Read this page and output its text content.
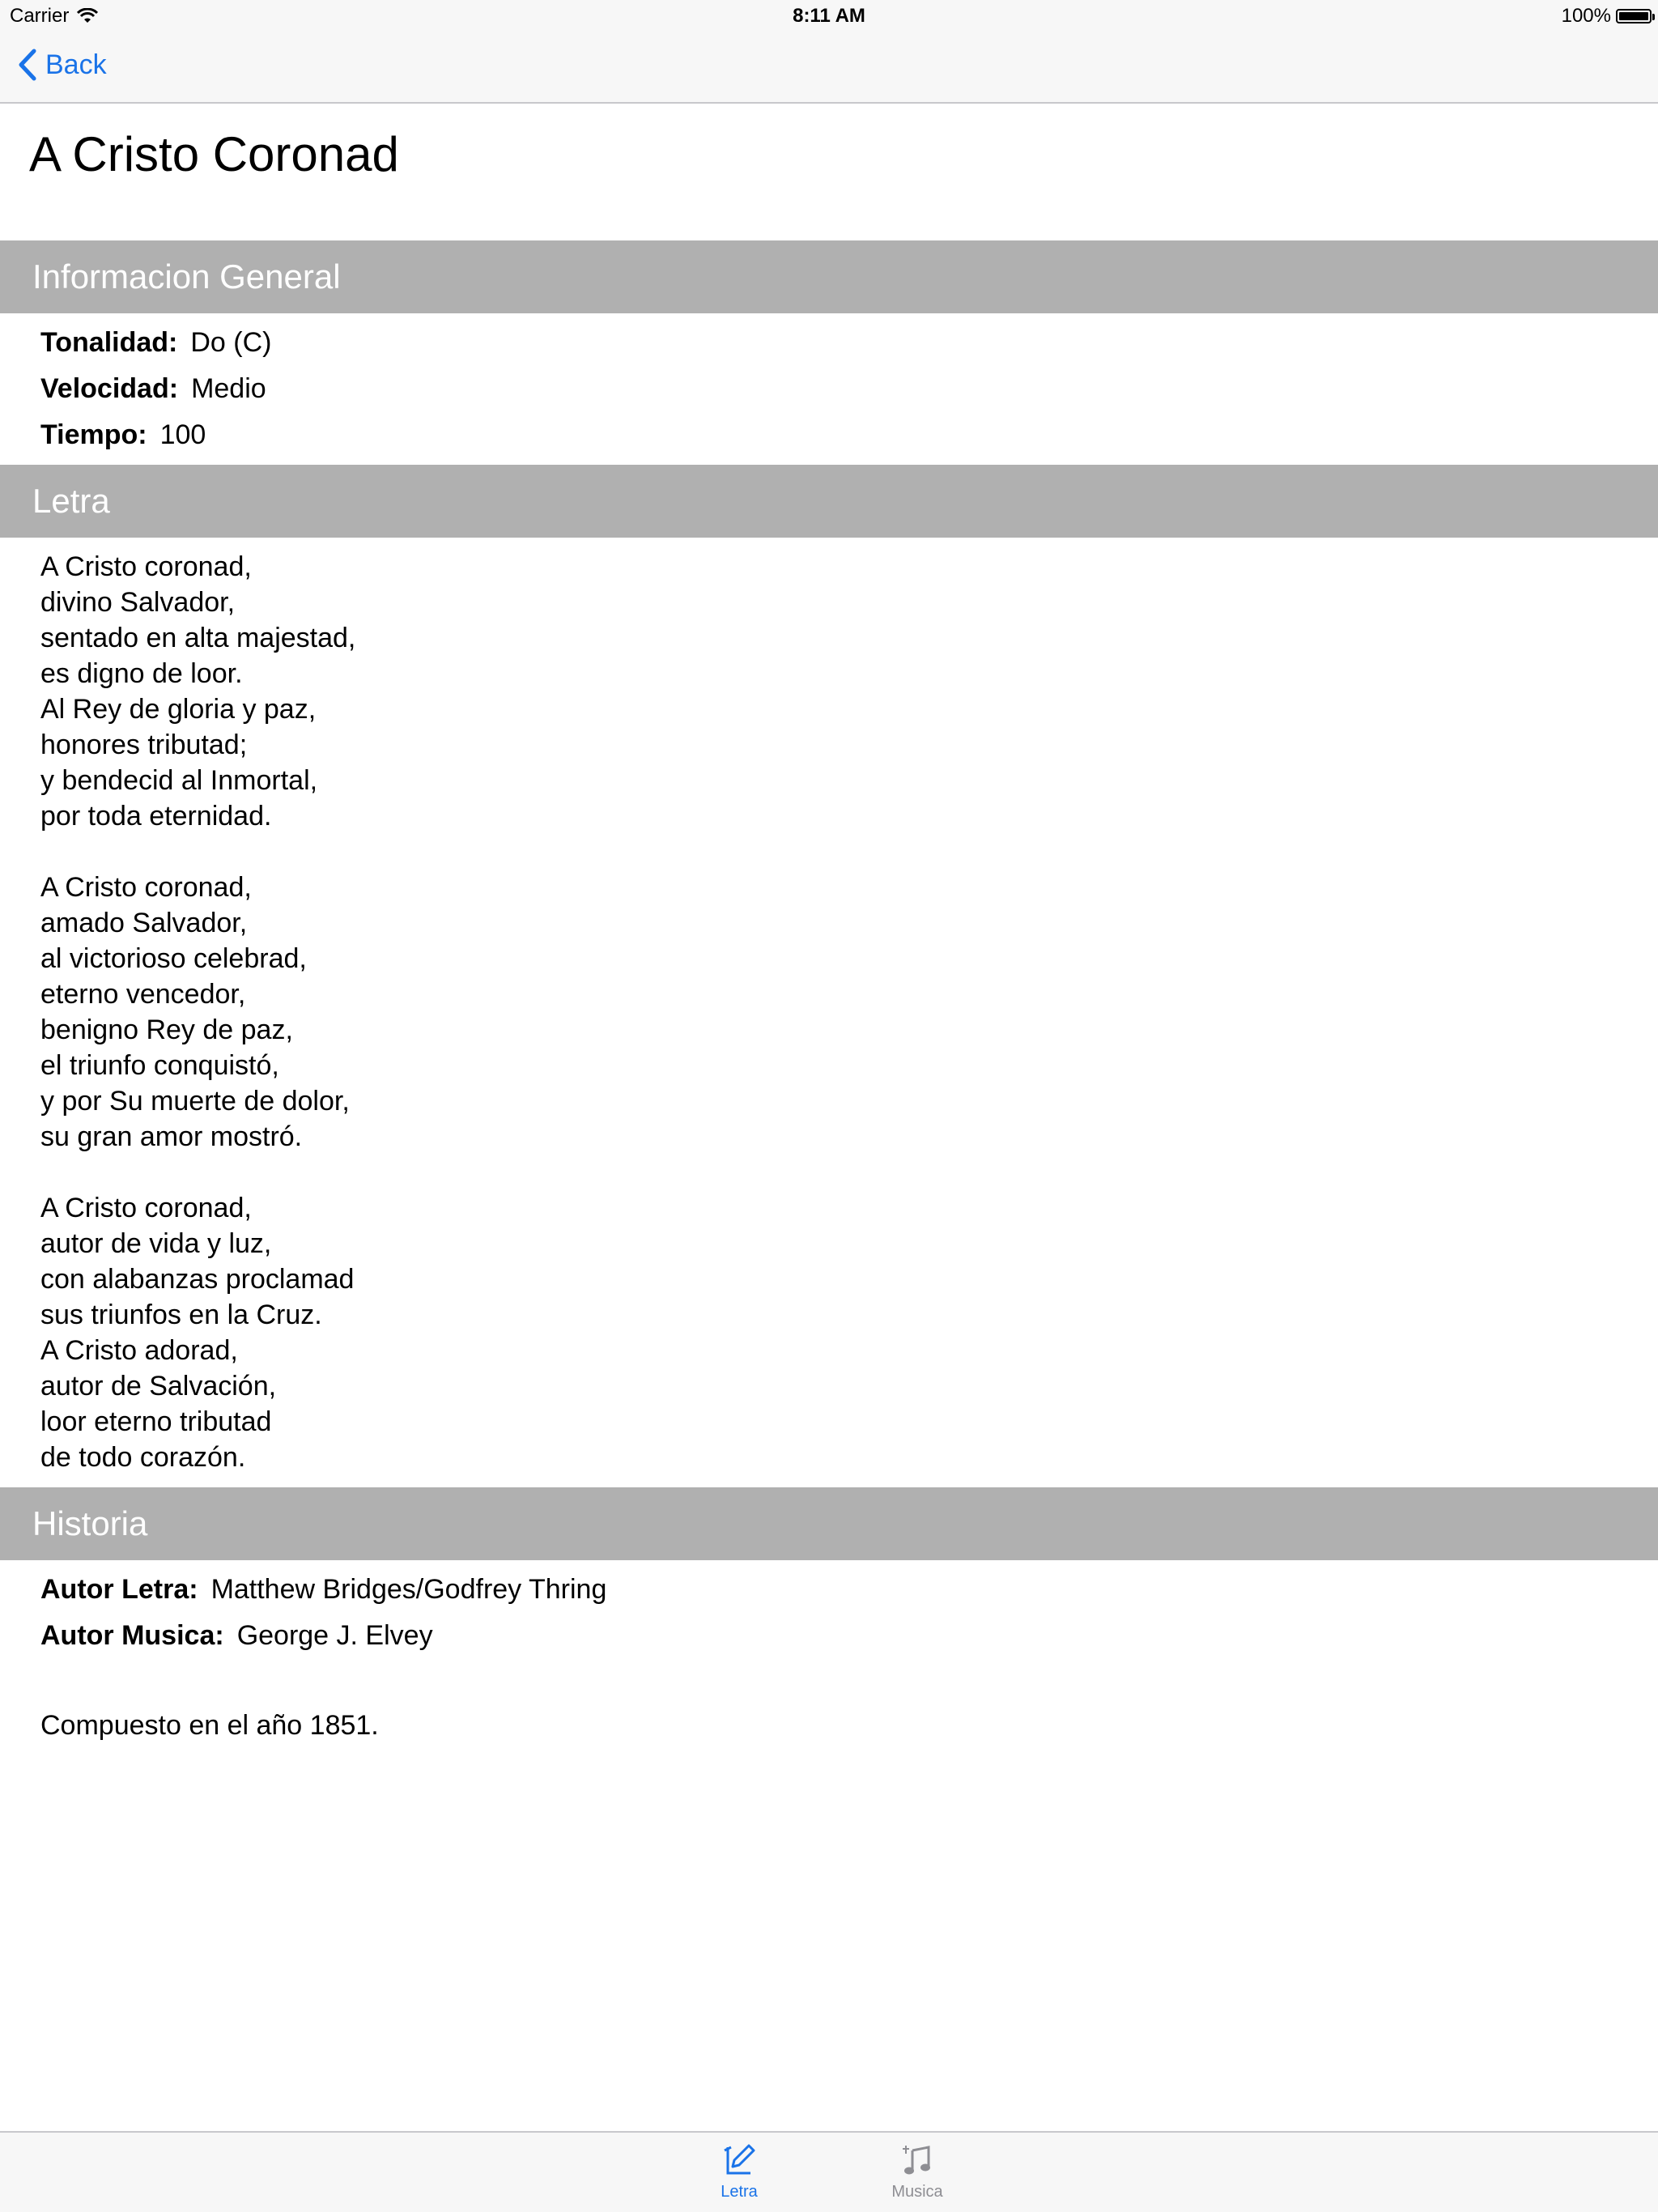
Carrier	8:11 AM	100%
Back
A Cristo Coronad
Informacion General
Tonalidad: Do (C)
Velocidad: Medio
Tiempo: 100
Letra
A Cristo coronad,
divino Salvador,
sentado en alta majestad,
es digno de loor.
Al Rey de gloria y paz,
honores tributad;
y bendecid al Inmortal,
por toda eternidad.
A Cristo coronad,
amado Salvador,
al victorioso celebrad,
eterno vencedor,
benigno Rey de paz,
el triunfo conquistó,
y por Su muerte de dolor,
su gran amor mostró.
A Cristo coronad,
autor de vida y luz,
con alabanzas proclamad
sus triunfos en la Cruz.
A Cristo adorad,
autor de Salvación,
loor eterno tributad
de todo corazón.
Historia
Autor Letra: Matthew Bridges/Godfrey Thring
Autor Musica: George J. Elvey
Compuesto en el año 1851.
Letra	Musica
